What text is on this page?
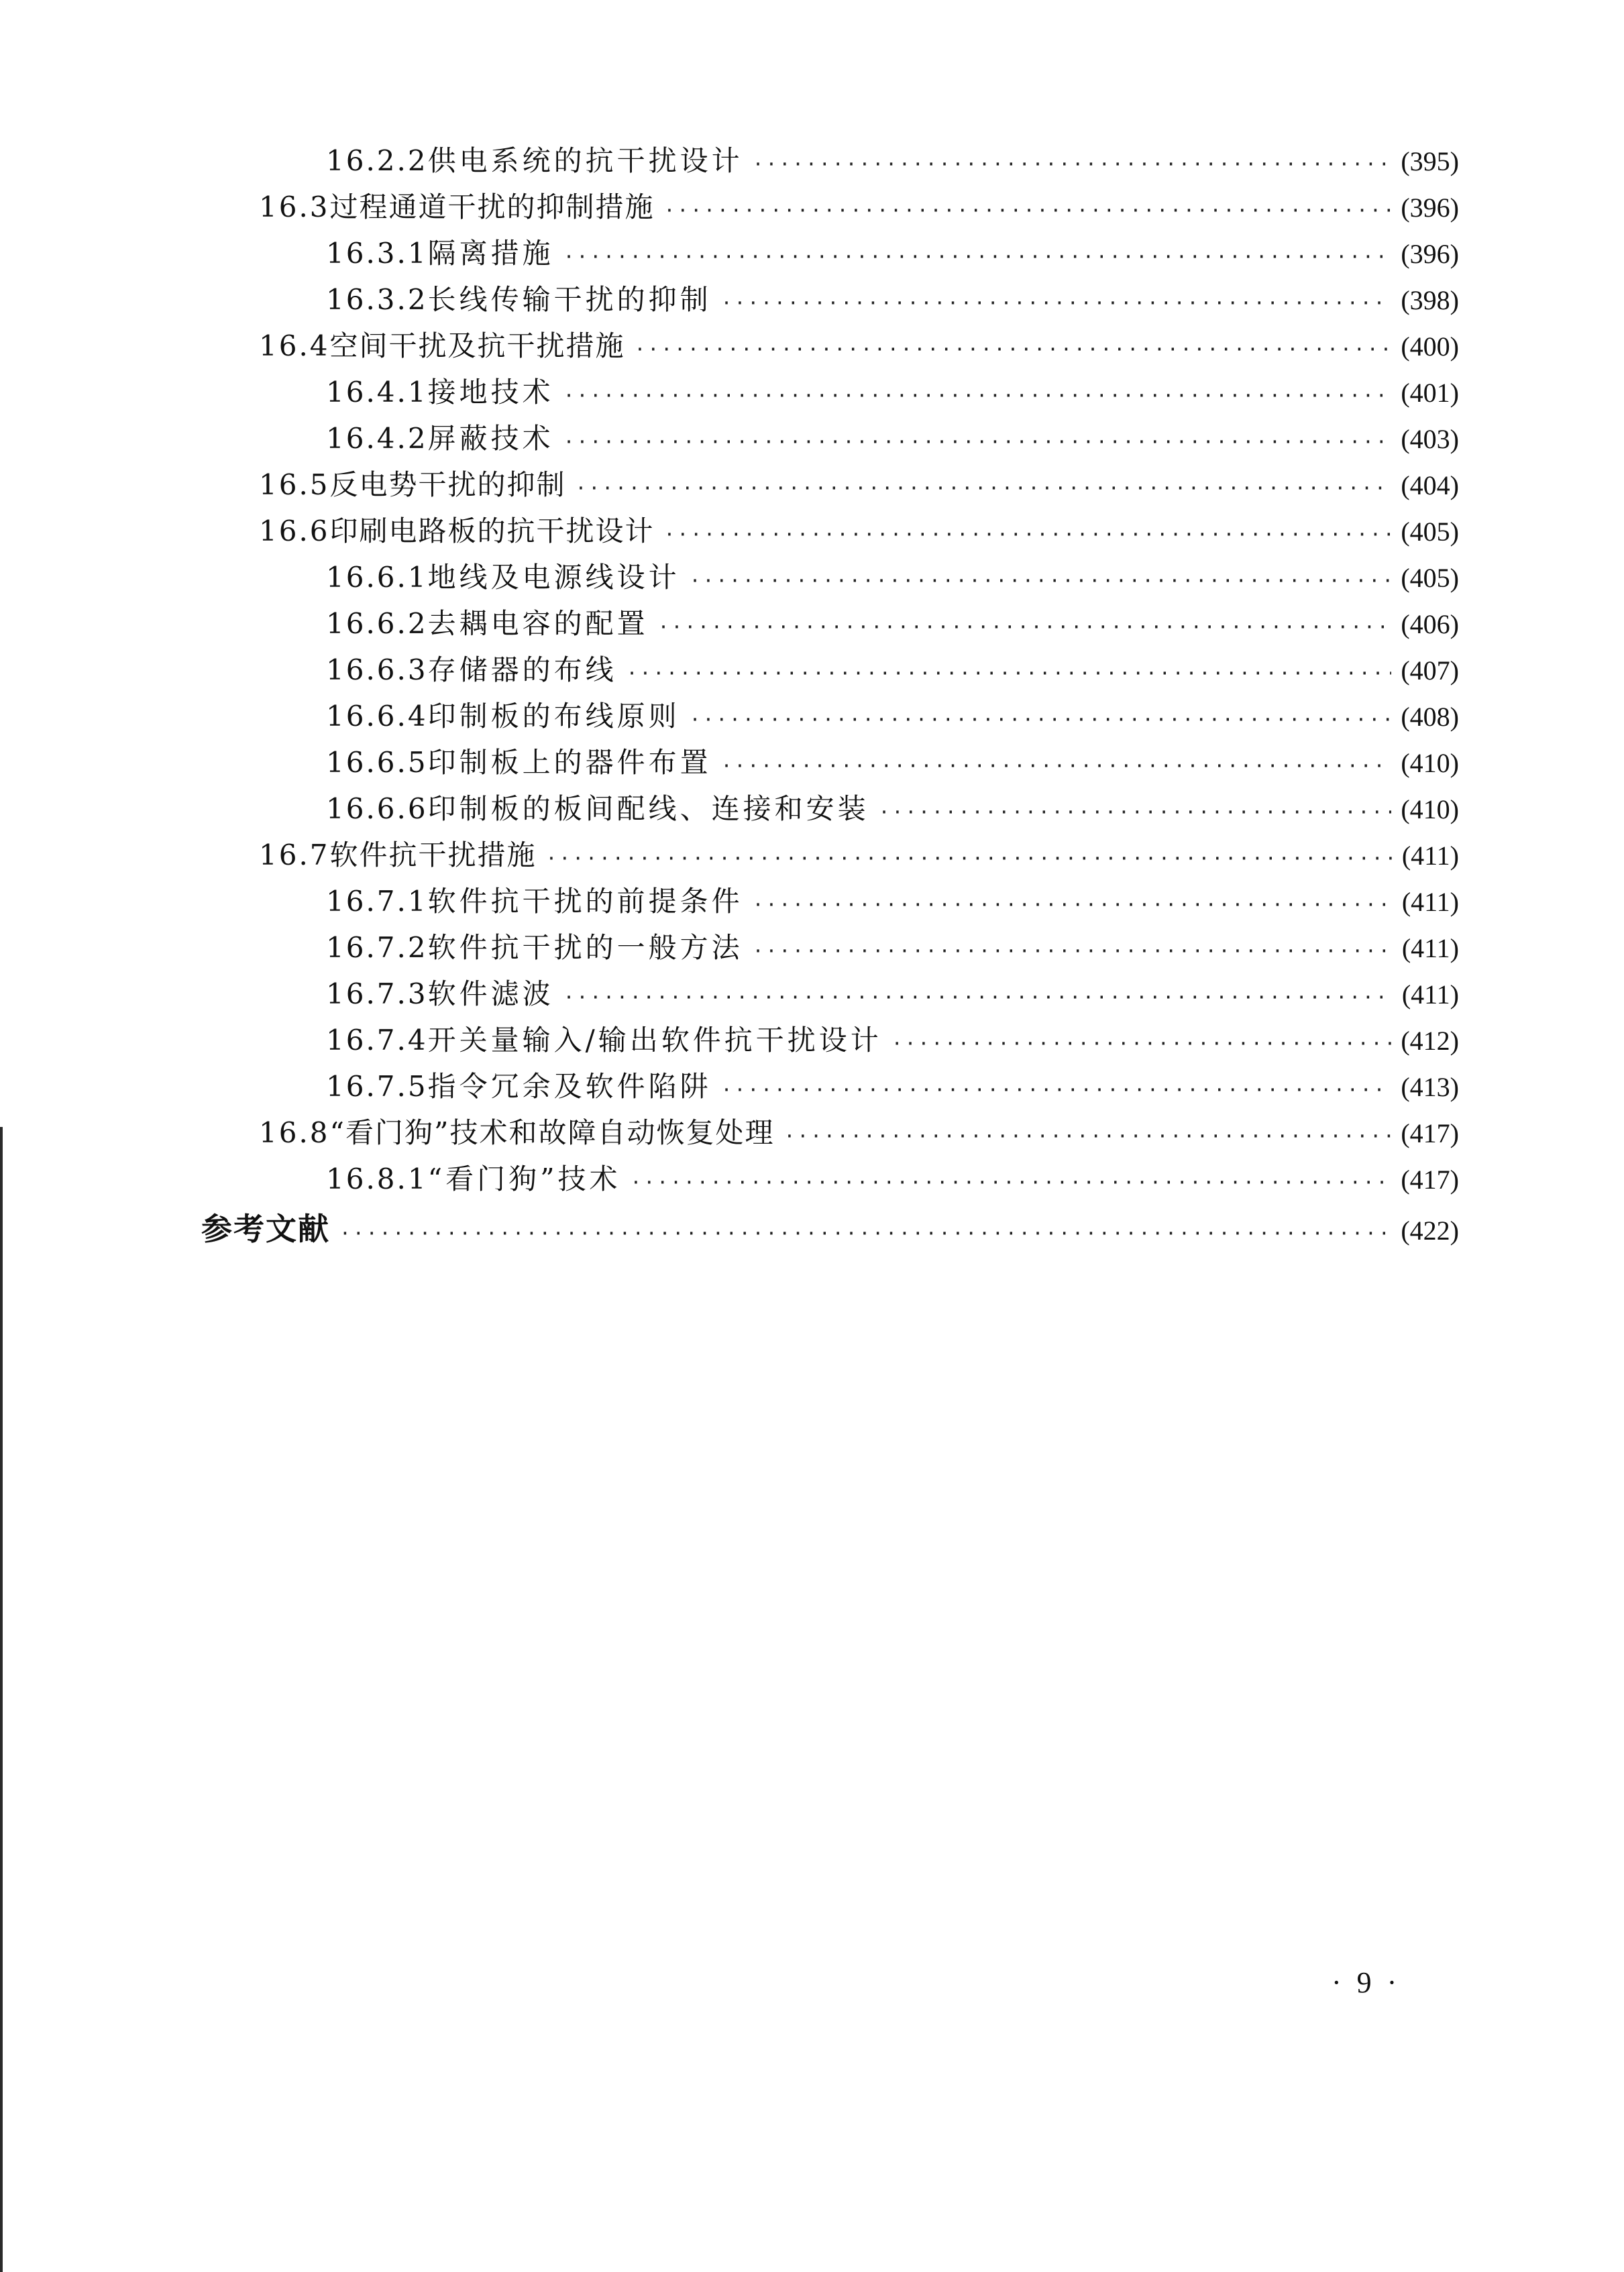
16.2.2 供电系统的抗干扰设计 ·····	(395)
16.3 过程通道干扰的抑制措施 ·····	(396)
16.3.1 隔离措施 ·····	(396)
16.3.2 长线传输干扰的抑制 ·····	(398)
16.4 空间干扰及抗干扰措施 ·····	(400)
16.4.1 接地技术 ·····	(401)
16.4.2 屏蔽技术 ·····	(403)
16.5 反电势干扰的抑制 ·····	(404)
16.6 印刷电路板的抗干扰设计 ·····	(405)
16.6.1 地线及电源线设计 ·····	(405)
16.6.2 去耦电容的配置 ·····	(406)
16.6.3 存储器的布线 ·····	(407)
16.6.4 印制板的布线原则 ·····	(408)
16.6.5 印制板上的器件布置 ·····	(410)
16.6.6 印制板的板间配线、连接和安装 ·····	(410)
16.7 软件抗干扰措施 ·····	(411)
16.7.1 软件抗干扰的前提条件 ·····	(411)
16.7.2 软件抗干扰的一般方法 ·····	(411)
16.7.3 软件滤波 ·····	(411)
16.7.4 开关量输入/输出软件抗干扰设计 ·····	(412)
16.7.5 指令冗余及软件陷阱 ·····	(413)
16.8 “看门狗”技术和故障自动恢复处理 ·····	(417)
16.8.1 “看门狗”技术 ·····	(417)
参考文献 ·····	(422)
· 9 ·
